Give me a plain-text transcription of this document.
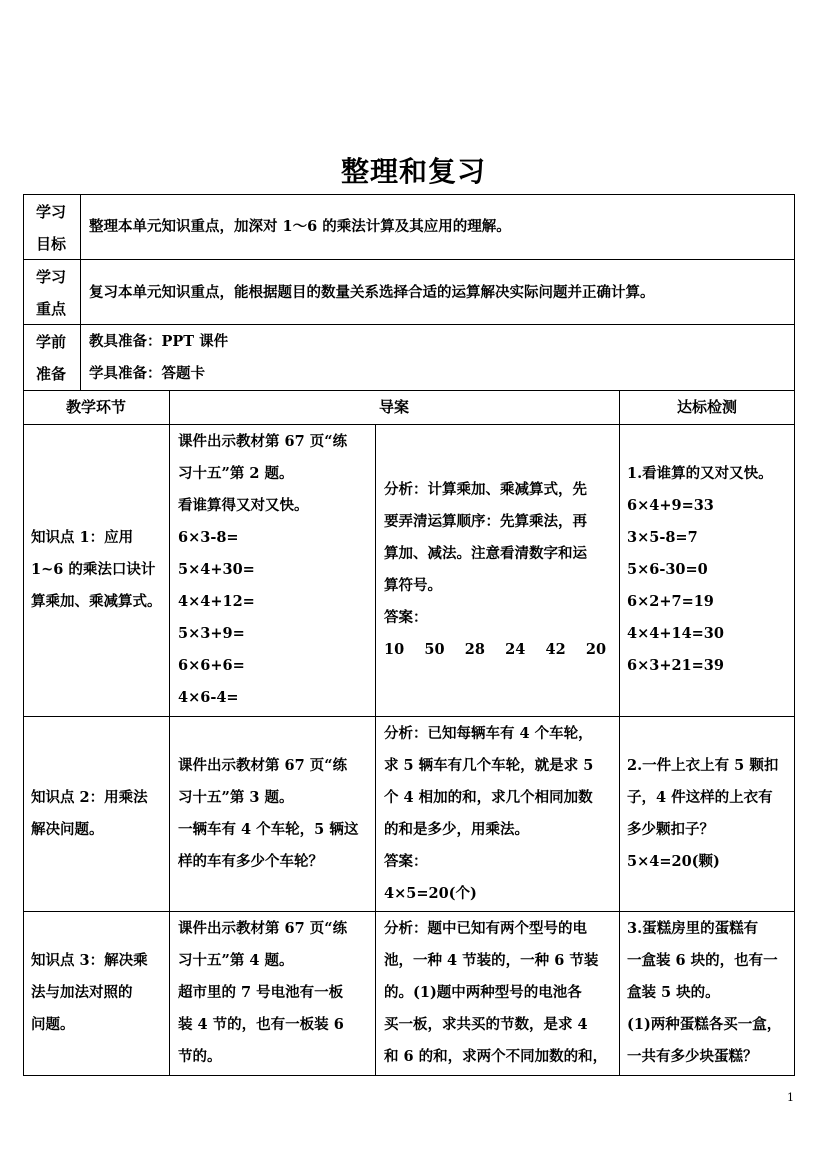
整理和复习
学习
目标
整理本单元知识重点，加深对 1～6 的乘法计算及其应用的理解。
学习
重点
复习本单元知识重点，能根据题目的数量关系选择合适的运算解决实际问题并正确计算。
学前
准备
教具准备：PPT 课件
学具准备：答题卡
教学环节	导案	达标检测
知识点 1：应用
1~6 的乘法口诀计
算乘加、乘减算式。
课件出示教材第 67 页“练
习十五”第 2 题。
看谁算得又对又快。
6×3-8=
5×4+30=
4×4+12=
5×3+9=
6×6+6=
4×6-4=
分析：计算乘加、乘减算式，先
要弄清运算顺序：先算乘法，再
算加、减法。注意看清数字和运
算符号。
答案：
10    50    28    24    42    20
1.看谁算的又对又快。
6×4+9=33
3×5-8=7
5×6-30=0
6×2+7=19
4×4+14=30
6×3+21=39
知识点 2：用乘法
解决问题。
课件出示教材第 67 页“练
习十五”第 3 题。
一辆车有 4 个车轮，5 辆这
样的车有多少个车轮？
分析：已知每辆车有 4 个车轮，
求 5 辆车有几个车轮，就是求 5
个 4 相加的和，求几个相同加数
的和是多少，用乘法。
答案：
4×5=20(个)
2.一件上衣上有 5 颗扣
子，4 件这样的上衣有
多少颗扣子？
5×4=20(颗)
知识点 3：解决乘
法与加法对照的
问题。
课件出示教材第 67 页“练
习十五”第 4 题。
超市里的 7 号电池有一板
装 4 节的，也有一板装 6
节的。
分析：题中已知有两个型号的电
池，一种 4 节装的，一种 6 节装
的。(1)题中两种型号的电池各
买一板，求共买的节数，是求 4
和 6 的和，求两个不同加数的和，
3.蛋糕房里的蛋糕有
一盒装 6 块的，也有一
盒装 5 块的。
(1)两种蛋糕各买一盒，
一共有多少块蛋糕？
1
